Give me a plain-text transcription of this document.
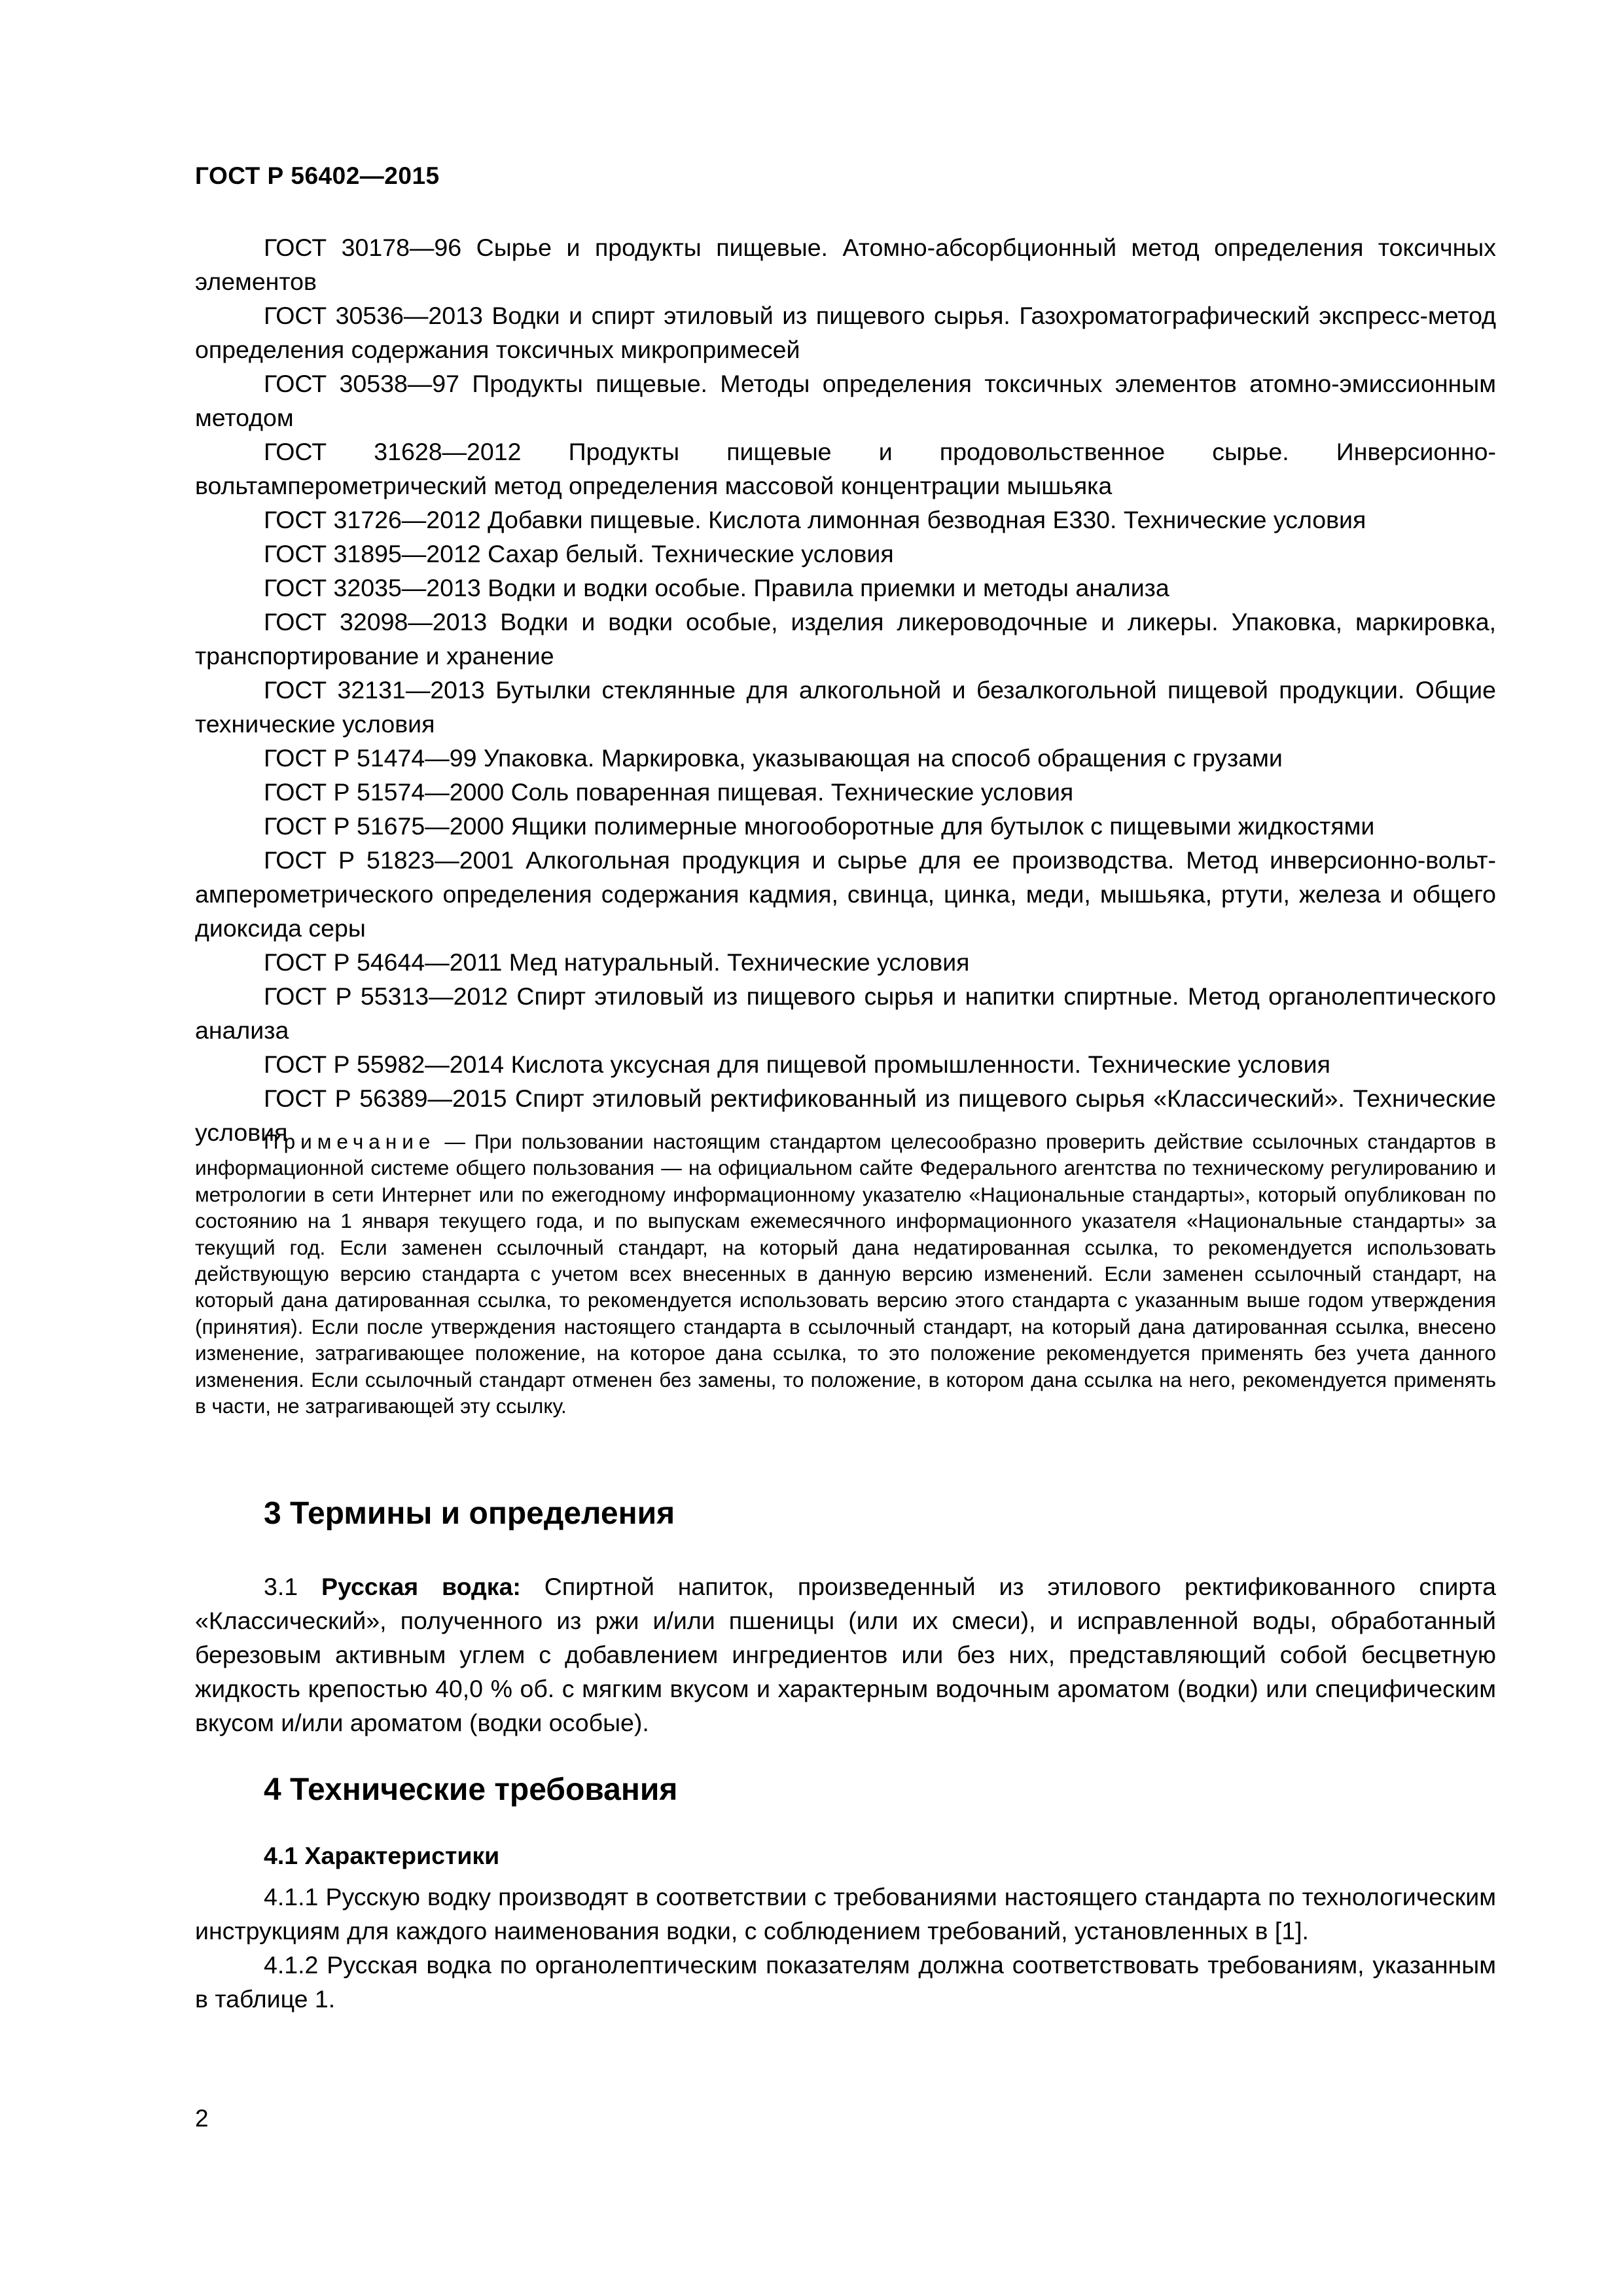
ГОСТ Р 56402—2015

ГОСТ 30178—96 Сырье и продукты пищевые. Атомно-абсорбционный метод определения токсичных элементов

ГОСТ 30536—2013 Водки и спирт этиловый из пищевого сырья. Газохроматографический экспресс-метод определения содержания токсичных микропримесей

ГОСТ 30538—97 Продукты пищевые. Методы определения токсичных элементов атомно-эмиссионным методом

ГОСТ 31628—2012 Продукты пищевые и продовольственное сырье. Инверсионно-вольтамперометрический метод определения массовой концентрации мышьяка

ГОСТ 31726—2012 Добавки пищевые. Кислота лимонная безводная Е330. Технические условия

ГОСТ 31895—2012 Сахар белый. Технические условия

ГОСТ 32035—2013 Водки и водки особые. Правила приемки и методы анализа

ГОСТ 32098—2013 Водки и водки особые, изделия ликероводочные и ликеры. Упаковка, маркировка, транспортирование и хранение

ГОСТ 32131—2013 Бутылки стеклянные для алкогольной и безалкогольной пищевой продукции. Общие технические условия

ГОСТ Р 51474—99 Упаковка. Маркировка, указывающая на способ обращения с грузами

ГОСТ Р 51574—2000 Соль поваренная пищевая. Технические условия

ГОСТ Р 51675—2000 Ящики полимерные многооборотные для бутылок с пищевыми жидкостями

ГОСТ Р 51823—2001 Алкогольная продукция и сырье для ее производства. Метод инверсионно-вольт-амперометрического определения содержания кадмия, свинца, цинка, меди, мышьяка, ртути, железа и общего диоксида серы

ГОСТ Р 54644—2011 Мед натуральный. Технические условия

ГОСТ Р 55313—2012 Спирт этиловый из пищевого сырья и напитки спиртные. Метод органолептического анализа

ГОСТ Р 55982—2014 Кислота уксусная для пищевой промышленности. Технические условия

ГОСТ Р 56389—2015 Спирт этиловый ректификованный из пищевого сырья «Классический». Технические условия

Примечание — При пользовании настоящим стандартом целесообразно проверить действие ссылочных стандартов в информационной системе общего пользования — на официальном сайте Федерального агентства по техническому регулированию и метрологии в сети Интернет или по ежегодному информационному указателю «Национальные стандарты», который опубликован по состоянию на 1 января текущего года, и по выпускам ежемесячного информационного указателя «Национальные стандарты» за текущий год. Если заменен ссылочный стандарт, на который дана недатированная ссылка, то рекомендуется использовать действующую версию стандарта с учетом всех внесенных в данную версию изменений. Если заменен ссылочный стандарт, на который дана датированная ссылка, то рекомендуется использовать версию этого стандарта с указанным выше годом утверждения (принятия). Если после утверждения настоящего стандарта в ссылочный стандарт, на который дана датированная ссылка, внесено изменение, затрагивающее положение, на которое дана ссылка, то это положение рекомендуется применять без учета данного изменения. Если ссылочный стандарт отменен без замены, то положение, в котором дана ссылка на него, рекомендуется применять в части, не затрагивающей эту ссылку.

3 Термины и определения

3.1 Русская водка: Спиртной напиток, произведенный из этилового ректификованного спирта «Классический», полученного из ржи и/или пшеницы (или их смеси), и исправленной воды, обработанный березовым активным углем с добавлением ингредиентов или без них, представляющий собой бесцветную жидкость крепостью 40,0 % об. с мягким вкусом и характерным водочным ароматом (водки) или специфическим вкусом и/или ароматом (водки особые).

4 Технические требования
4.1 Характеристики

4.1.1 Русскую водку производят в соответствии с требованиями настоящего стандарта по технологическим инструкциям для каждого наименования водки, с соблюдением требований, установленных в [1].

4.1.2 Русская водка по органолептическим показателям должна соответствовать требованиям, указанным в таблице 1.

2
